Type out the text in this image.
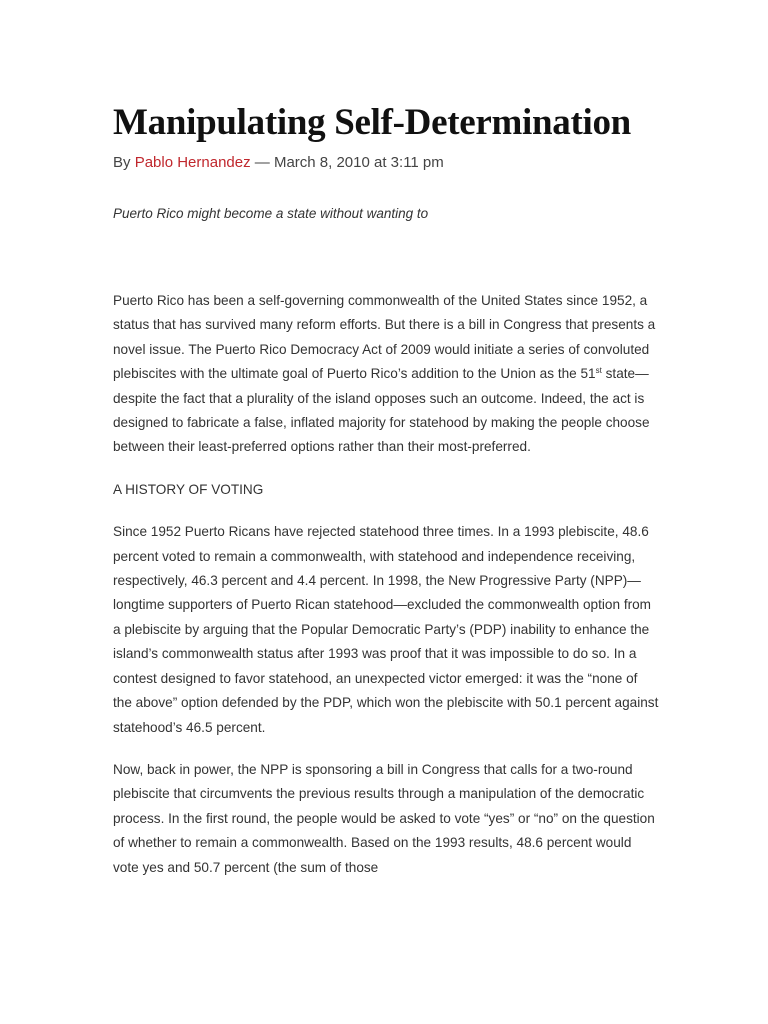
Manipulating Self-Determination
By Pablo Hernandez — March 8, 2010 at 3:11 pm
Puerto Rico might become a state without wanting to

Puerto Rico has been a self-governing commonwealth of the United States since 1952, a status that has survived many reform efforts. But there is a bill in Congress that presents a novel issue. The Puerto Rico Democracy Act of 2009 would initiate a series of convoluted plebiscites with the ultimate goal of Puerto Rico’s addition to the Union as the 51st state—despite the fact that a plurality of the island opposes such an outcome. Indeed, the act is designed to fabricate a false, inflated majority for statehood by making the people choose between their least-preferred options rather than their most-preferred.

A HISTORY OF VOTING

Since 1952 Puerto Ricans have rejected statehood three times. In a 1993 plebiscite, 48.6 percent voted to remain a commonwealth, with statehood and independence receiving, respectively, 46.3 percent and 4.4 percent. In 1998, the New Progressive Party (NPP)—longtime supporters of Puerto Rican statehood—excluded the commonwealth option from a plebiscite by arguing that the Popular Democratic Party’s (PDP) inability to enhance the island’s commonwealth status after 1993 was proof that it was impossible to do so. In a contest designed to favor statehood, an unexpected victor emerged: it was the “none of the above” option defended by the PDP, which won the plebiscite with 50.1 percent against statehood’s 46.5 percent.

Now, back in power, the NPP is sponsoring a bill in Congress that calls for a two-round plebiscite that circumvents the previous results through a manipulation of the democratic process. In the first round, the people would be asked to vote “yes” or “no” on the question of whether to remain a commonwealth. Based on the 1993 results, 48.6 percent would vote yes and 50.7 percent (the sum of those
